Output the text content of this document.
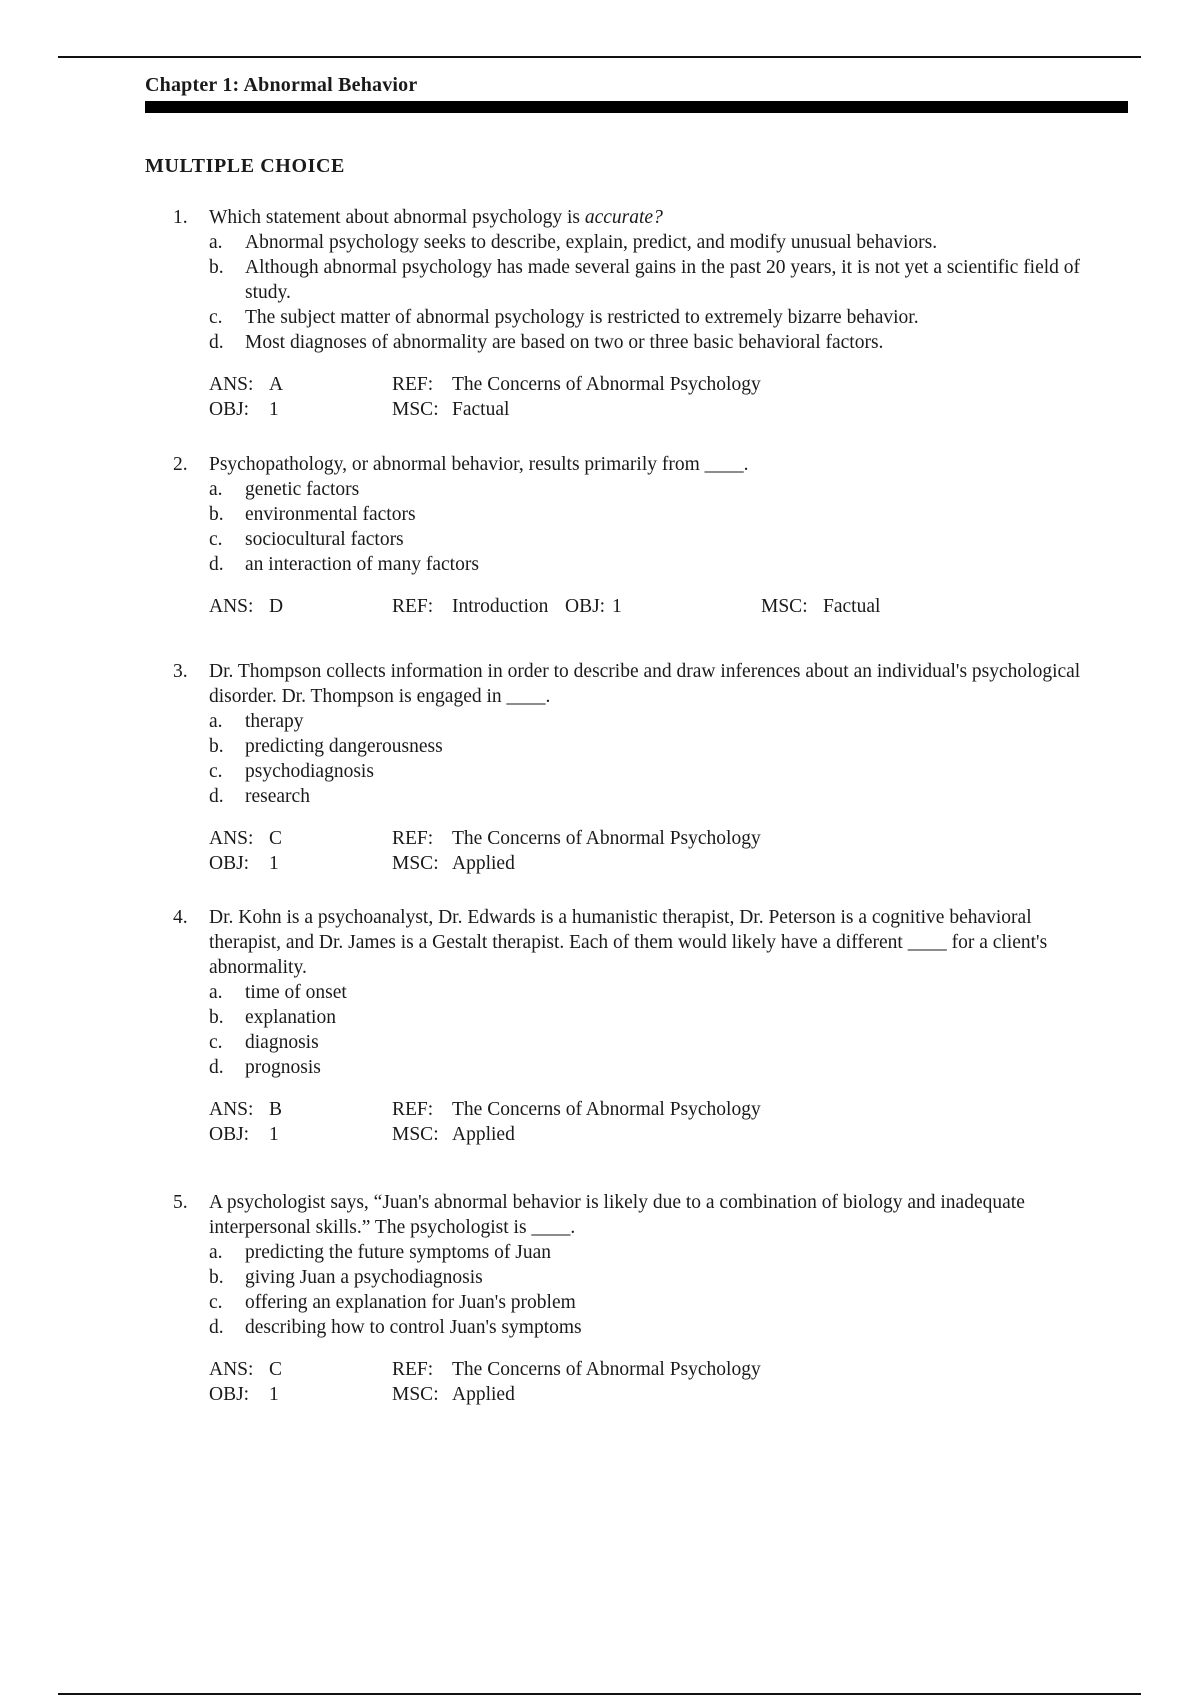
Chapter 1: Abnormal Behavior
MULTIPLE CHOICE
1. Which statement about abnormal psychology is accurate?
a. Abnormal psychology seeks to describe, explain, predict, and modify unusual behaviors.
b. Although abnormal psychology has made several gains in the past 20 years, it is not yet a scientific field of study.
c. The subject matter of abnormal psychology is restricted to extremely bizarre behavior.
d. Most diagnoses of abnormality are based on two or three basic behavioral factors.
ANS: A	REF: The Concerns of Abnormal Psychology
OBJ: 1	MSC: Factual
2. Psychopathology, or abnormal behavior, results primarily from ____.
a. genetic factors
b. environmental factors
c. sociocultural factors
d. an interaction of many factors
ANS: D	REF: Introduction OBJ: 1	MSC: Factual
3. Dr. Thompson collects information in order to describe and draw inferences about an individual's psychological disorder. Dr. Thompson is engaged in ____.
a. therapy
b. predicting dangerousness
c. psychodiagnosis
d. research
ANS: C	REF: The Concerns of Abnormal Psychology
OBJ: 1	MSC: Applied
4. Dr. Kohn is a psychoanalyst, Dr. Edwards is a humanistic therapist, Dr. Peterson is a cognitive behavioral therapist, and Dr. James is a Gestalt therapist. Each of them would likely have a different ____ for a client's abnormality.
a. time of onset
b. explanation
c. diagnosis
d. prognosis
ANS: B	REF: The Concerns of Abnormal Psychology
OBJ: 1	MSC: Applied
5. A psychologist says, “Juan's abnormal behavior is likely due to a combination of biology and inadequate interpersonal skills.” The psychologist is ____.
a. predicting the future symptoms of Juan
b. giving Juan a psychodiagnosis
c. offering an explanation for Juan's problem
d. describing how to control Juan's symptoms
ANS: C	REF: The Concerns of Abnormal Psychology
OBJ: 1	MSC: Applied
